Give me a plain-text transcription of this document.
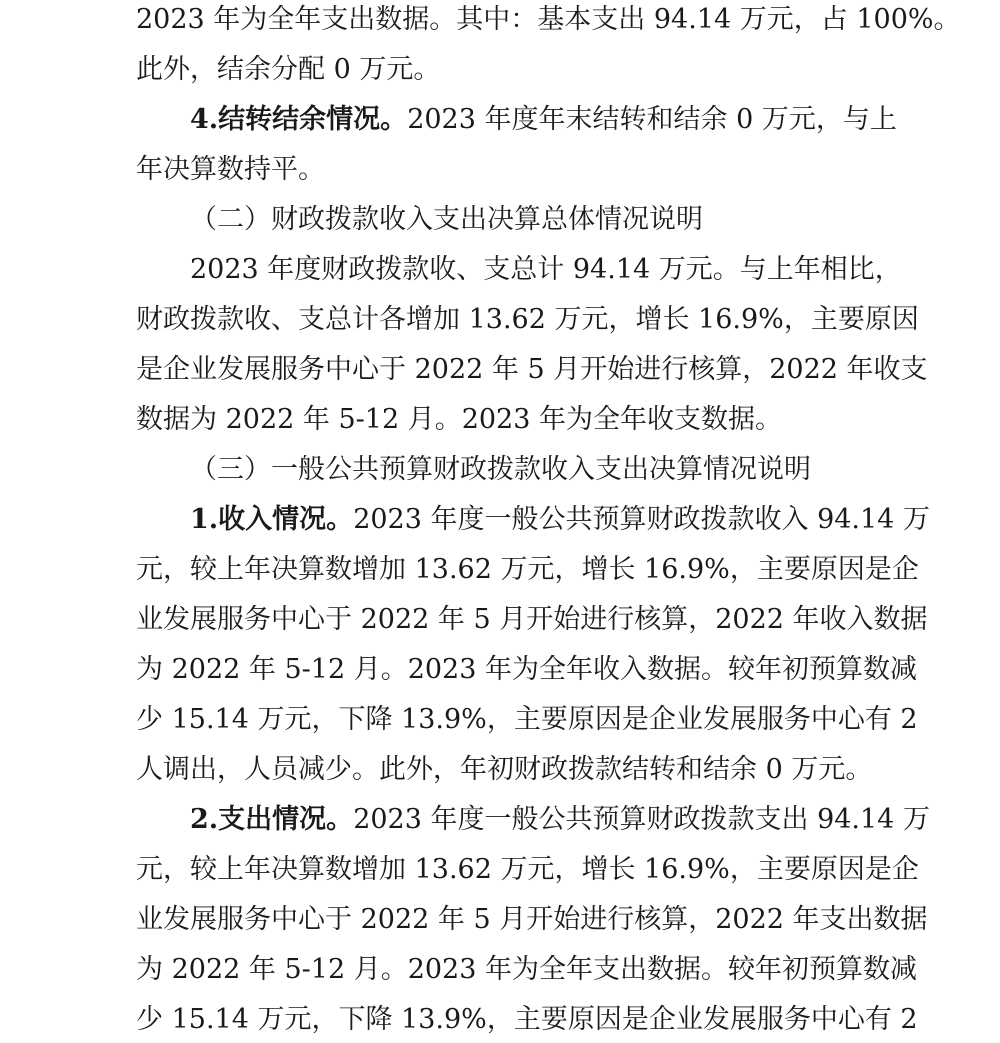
2023 年为全年支出数据。其中：基本支出 94.14 万元，占 100%。
此外，结余分配 0 万元。
4.结转结余情况。2023 年度年末结转和结余 0 万元，与上
年决算数持平。
（二）财政拨款收入支出决算总体情况说明
2023 年度财政拨款收、支总计 94.14 万元。与上年相比，
财政拨款收、支总计各增加 13.62 万元，增长 16.9%，主要原因
是企业发展服务中心于 2022 年 5 月开始进行核算，2022 年收支
数据为 2022 年 5-12 月。2023 年为全年收支数据。
（三）一般公共预算财政拨款收入支出决算情况说明
1.收入情况。2023 年度一般公共预算财政拨款收入 94.14 万
元，较上年决算数增加 13.62 万元，增长 16.9%，主要原因是企
业发展服务中心于 2022 年 5 月开始进行核算，2022 年收入数据
为 2022 年 5-12 月。2023 年为全年收入数据。较年初预算数减
少 15.14 万元，下降 13.9%，主要原因是企业发展服务中心有 2
人调出，人员减少。此外，年初财政拨款结转和结余 0 万元。
2.支出情况。2023 年度一般公共预算财政拨款支出 94.14 万
元，较上年决算数增加 13.62 万元，增长 16.9%，主要原因是企
业发展服务中心于 2022 年 5 月开始进行核算，2022 年支出数据
为 2022 年 5-12 月。2023 年为全年支出数据。较年初预算数减
少 15.14 万元，下降 13.9%，主要原因是企业发展服务中心有 2
